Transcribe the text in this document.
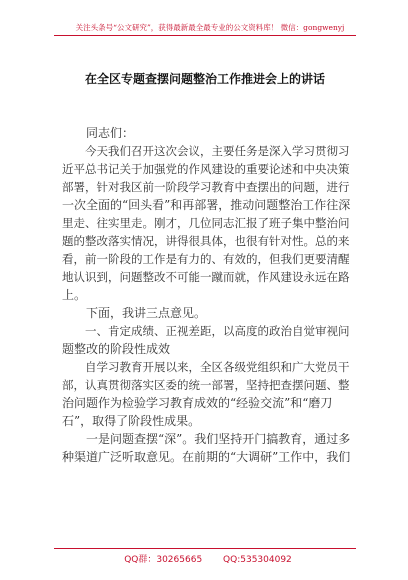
关注头条号“公文研究”，获得最新最全最专业的公文资料库！ 微信：gongwenyj
在全区专题查摆问题整治工作推进会上的讲话
　　同志们：
　　今天我们召开这次会议，主要任务是深入学习贯彻习
近平总书记关于加强党的作风建设的重要论述和中央决策
部署，针对我区前一阶段学习教育中查摆出的问题，进行
一次全面的“回头看”和再部署，推动问题整治工作往深
里走、往实里走。刚才，几位同志汇报了班子集中整治问
题的整改落实情况，讲得很具体，也很有针对性。总的来
看，前一阶段的工作是有力的、有效的，但我们更要清醒
地认识到，问题整改不可能一蹴而就，作风建设永远在路
上。
　　下面，我讲三点意见。
　　一、肯定成绩、正视差距，以高度的政治自觉审视问
题整改的阶段性成效
　　自学习教育开展以来，全区各级党组织和广大党员干
部，认真贯彻落实区委的统一部署，坚持把查摆问题、整
治问题作为检验学习教育成效的“经验交流”和“磨刀
石”，取得了阶段性成果。
　　一是问题查摆“深”。我们坚持开门搞教育，通过多
种渠道广泛听取意见。在前期的“大调研”工作中，我们
QQ群：30265665 QQ:535304092
